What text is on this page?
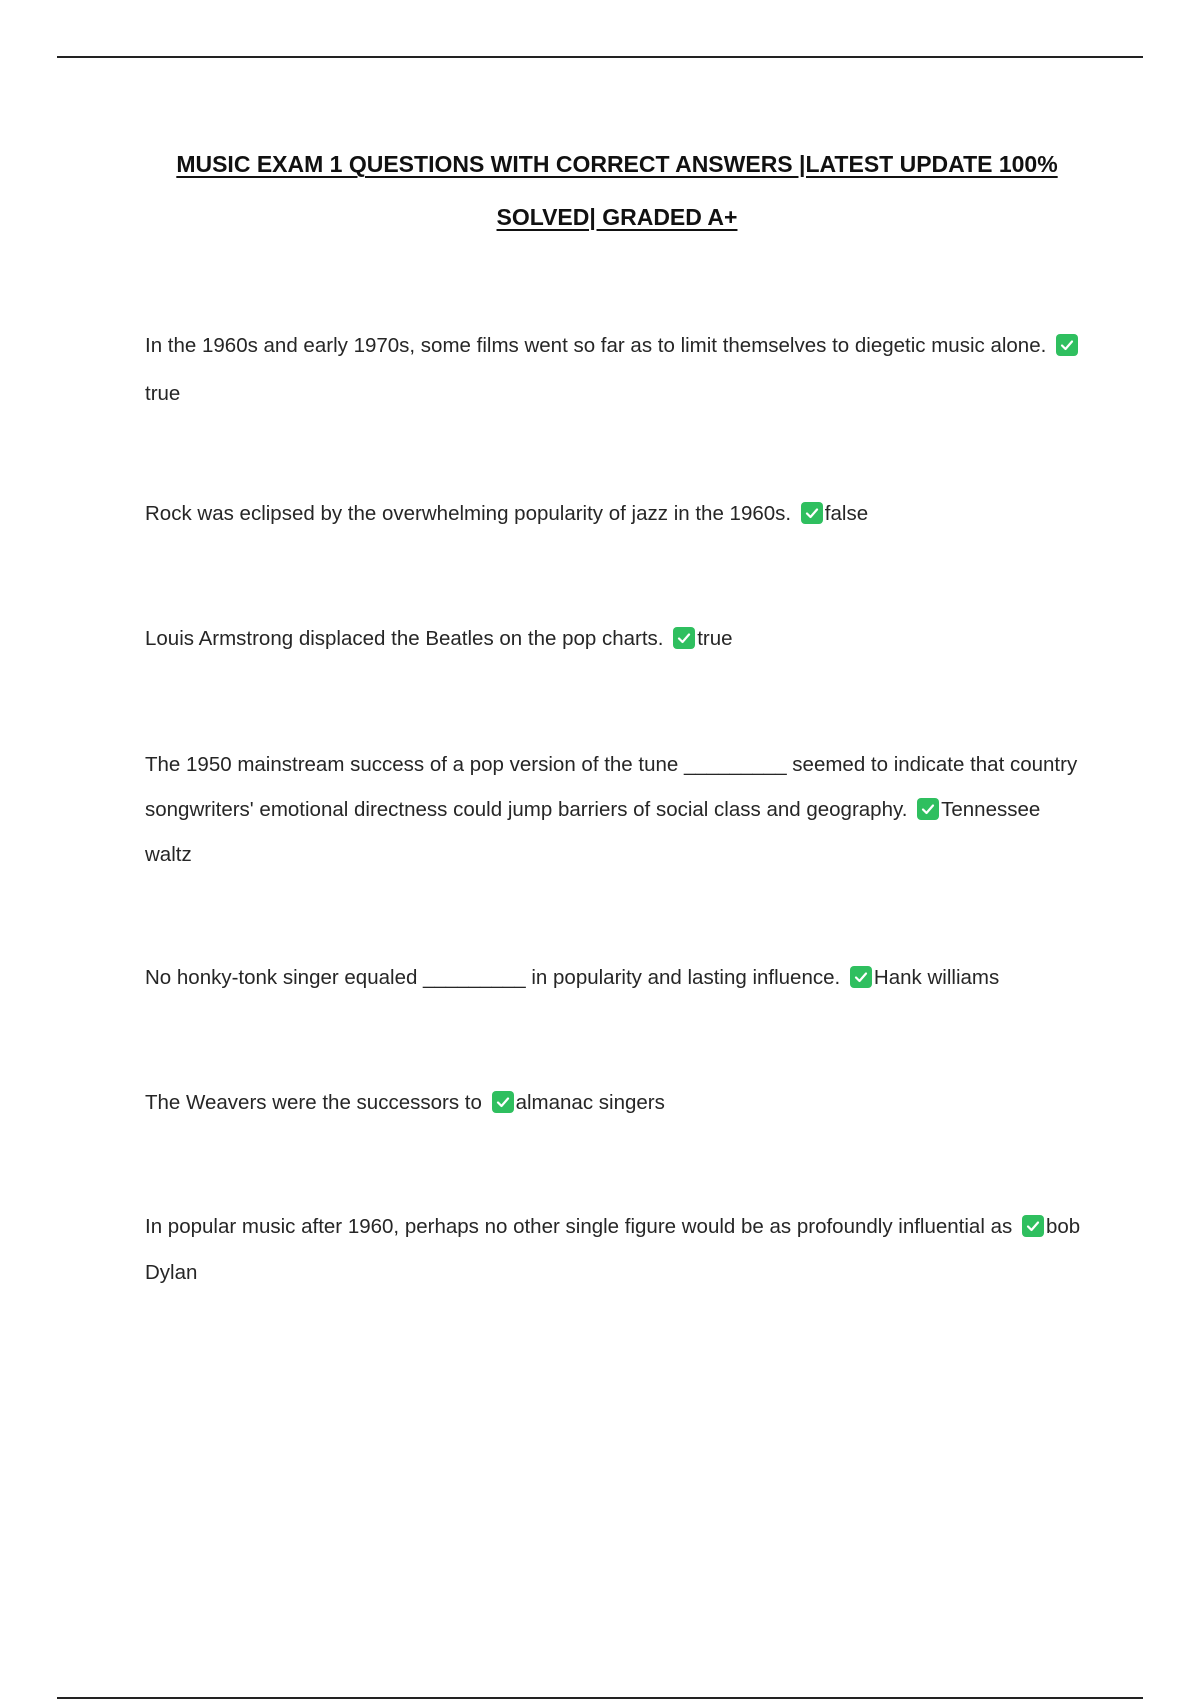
MUSIC EXAM 1 QUESTIONS WITH CORRECT ANSWERS |LATEST UPDATE 100%
SOLVED| GRADED A+

In the 1960s and early 1970s, some films went so far as to limit themselves to diegetic music alone.
true

Rock was eclipsed by the overwhelming popularity of jazz in the 1960s. false

Louis Armstrong displaced the Beatles on the pop charts. true

The 1950 mainstream success of a pop version of the tune _________ seemed to indicate that country songwriters' emotional directness could jump barriers of social class and geography. Tennessee waltz

No honky-tonk singer equaled _________ in popularity and lasting influence. Hank williams

The Weavers were the successors to almanac singers

In popular music after 1960, perhaps no other single figure would be as profoundly influential as bob Dylan
